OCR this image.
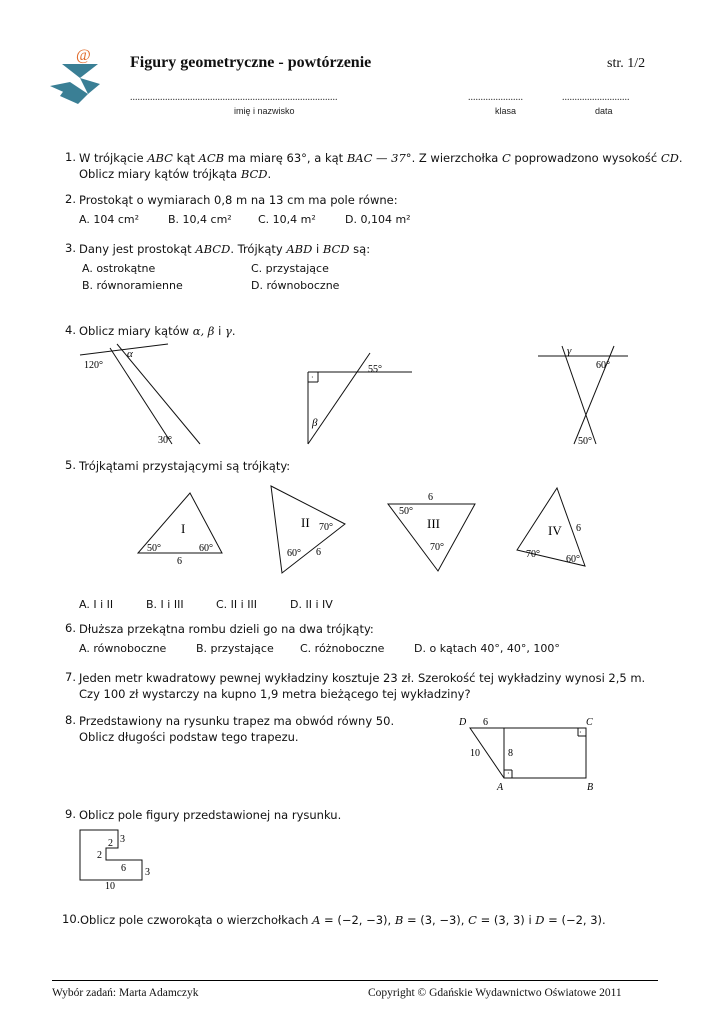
@ Figury geometryczne - powtórzenie	str. 1/2
...................................................................................	......................	...........................
imię i nazwisko	klasa	data
1. W trójkącie ABC kąt ACB ma miarę 63°, a kąt BAC — 37°. Z wierzchołka C poprowadzono wysokość CD.
Oblicz miary kątów trójkąta BCD.
2. Prostokąt o wymiarach 0,8 m na 13 cm ma pole równe:
A. 104 cm²	B. 10,4 cm² C. 10,4 m²	D. 0,104 m²
3. Dany jest prostokąt ABCD. Trójkąty ABD i BCD są:
A. ostrokątne	C. przystające
B. równoramienne	D. równoboczne
4. Oblicz miary kątów α, β i γ.
α
120°
30°
55°
β
·
γ
60°
50°
5. Trójkątami przystającymi są trójkąty:
I
50°	60°
6
II 70°
60° 6
III
50°
70°
6
IV
70°	60°
6
A. I i II	B. I i III	C. II i III	D. II i IV
6. Dłuższa przekątna rombu dzieli go na dwa trójkąty:
A. równoboczne	B. przystające C. różnoboczne	D. o kątach 40°, 40°, 100°
7. Jeden metr kwadratowy pewnej wykładziny kosztuje 23 zł. Szerokość tej wykładziny wynosi 2,5 m.
Czy 100 zł wystarczy na kupno 1,9 metra bieżącego tej wykładziny?
8. Przedstawiony na rysunku trapez ma obwód równy 50.
Oblicz długości podstaw tego trapezu.
D 6	C
10	8
A	B
·
·
9. Oblicz pole figury przedstawionej na rysunku.
3
2
2
6 3
10
10. Oblicz pole czworokąta o wierzchołkach A = (−2, −3), B = (3, −3), C = (3, 3) i D = (−2, 3).
Wybór zadań: Marta Adamczyk	Copyright © Gdańskie Wydawnictwo Oświatowe 2011
